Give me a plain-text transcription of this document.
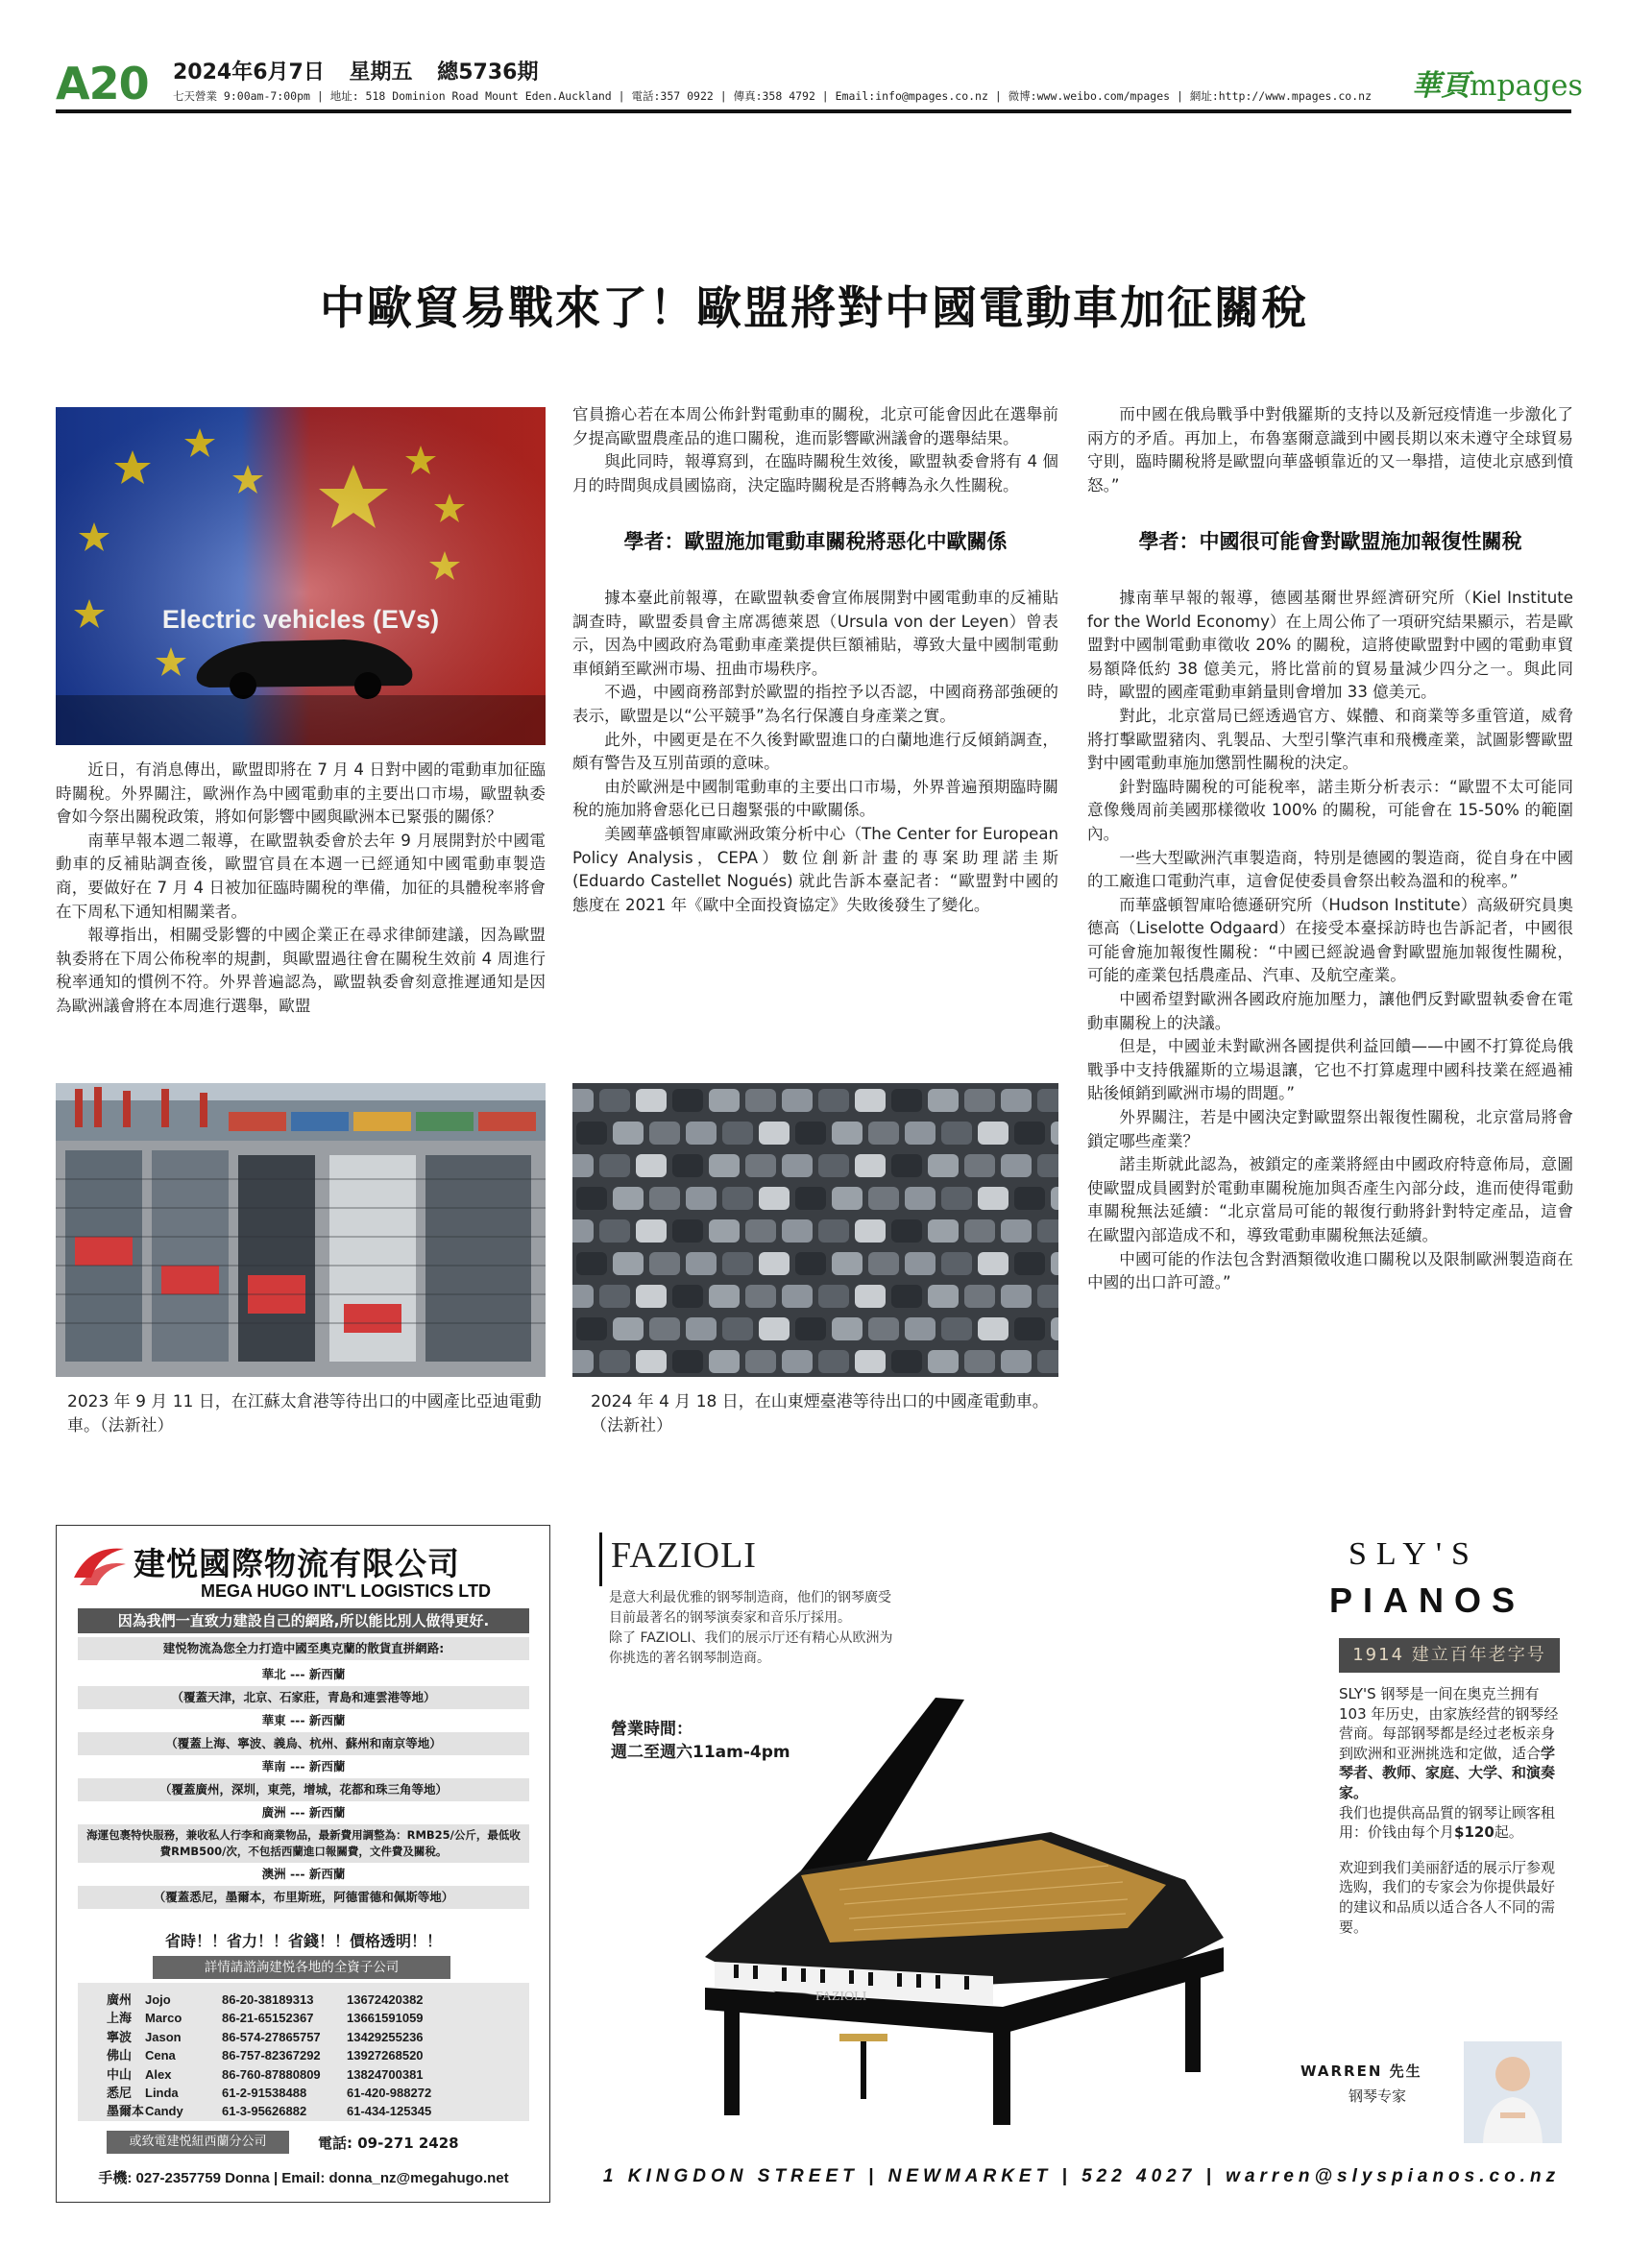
A20 2024年6月7日 星期五 總5736期
七天營業 9:00am-7:00pm | 地址: 518 Dominion Road Mount Eden.Auckland | 電話:357 0922 | 傳真:358 4792 | Email:info@mpages.co.nz | 微博:www.weibo.com/mpages | 網址:http://www.mpages.co.nz 華頁mpages
中歐貿易戰來了！歐盟將對中國電動車加征關稅
Electric vehicles (EVs)

近日，有消息傳出，歐盟即將在 7 月 4 日對中國的電動車加征臨時關稅。外界關注，歐洲作為中國電動車的主要出口市場，歐盟執委會如今祭出關稅政策，將如何影響中國與歐洲本已緊張的關係？

南華早報本週二報導，在歐盟執委會於去年 9 月展開對於中國電動車的反補貼調查後，歐盟官員在本週一已經通知中國電動車製造商，要做好在 7 月 4 日被加征臨時關稅的準備，加征的具體稅率將會在下周私下通知相關業者。

報導指出，相關受影響的中國企業正在尋求律師建議，因為歐盟執委將在下周公佈稅率的規劃，與歐盟過往會在關稅生效前 4 周進行稅率通知的慣例不符。外界普遍認為，歐盟執委會刻意推遲通知是因為歐洲議會將在本周進行選舉，歐盟

2023 年 9 月 11 日，在江蘇太倉港等待出口的中國產比亞迪電動車。（法新社）

官員擔心若在本周公佈針對電動車的關稅，北京可能會因此在選舉前夕提高歐盟農產品的進口關稅，進而影響歐洲議會的選舉結果。

與此同時，報導寫到，在臨時關稅生效後，歐盟執委會將有 4 個月的時間與成員國協商，決定臨時關稅是否將轉為永久性關稅。

學者：歐盟施加電動車關稅將惡化中歐關係

據本臺此前報導，在歐盟執委會宣佈展開對中國電動車的反補貼調查時，歐盟委員會主席馮德萊恩（Ursula von der Leyen）曾表示，因為中國政府為電動車產業提供巨額補貼，導致大量中國制電動車傾銷至歐洲市場、扭曲市場秩序。

不過，中國商務部對於歐盟的指控予以否認，中國商務部強硬的表示，歐盟是以“公平競爭”為名行保護自身產業之實。

此外，中國更是在不久後對歐盟進口的白蘭地進行反傾銷調查，頗有警告及互別苗頭的意味。

由於歐洲是中國制電動車的主要出口市場，外界普遍預期臨時關稅的施加將會惡化已日趨緊張的中歐關係。

美國華盛頓智庫歐洲政策分析中心（The Center for European Policy Analysis，CEPA）數位創新計畫的專案助理諾圭斯 (Eduardo Castellet Nogués) 就此告訴本臺記者：“歐盟對中國的態度在 2021 年《歐中全面投資協定》失敗後發生了變化。

2024 年 4 月 18 日，在山東煙臺港等待出口的中國產電動車。（法新社）

而中國在俄烏戰爭中對俄羅斯的支持以及新冠疫情進一步激化了兩方的矛盾。再加上，布魯塞爾意識到中國長期以來未遵守全球貿易守則，臨時關稅將是歐盟向華盛頓靠近的又一舉措，這使北京感到憤怒。”

學者：中國很可能會對歐盟施加報復性關稅

據南華早報的報導，德國基爾世界經濟研究所（Kiel Institute for the World Economy）在上周公佈了一項研究結果顯示，若是歐盟對中國制電動車徵收 20% 的關稅，這將使歐盟對中國的電動車貿易額降低約 38 億美元，將比當前的貿易量減少四分之一。與此同時，歐盟的國產電動車銷量則會增加 33 億美元。

對此，北京當局已經透過官方、媒體、和商業等多重管道，威脅將打擊歐盟豬肉、乳製品、大型引擎汽車和飛機產業，試圖影響歐盟對中國電動車施加懲罰性關稅的決定。

針對臨時關稅的可能稅率，諾圭斯分析表示：“歐盟不太可能同意像幾周前美國那樣徵收 100% 的關稅，可能會在 15-50% 的範圍內。

一些大型歐洲汽車製造商，特別是德國的製造商，從自身在中國的工廠進口電動汽車，這會促使委員會祭出較為溫和的稅率。”

而華盛頓智庫哈德遜研究所（Hudson Institute）高級研究員奧德高（Liselotte Odgaard）在接受本臺採訪時也告訴記者，中國很可能會施加報復性關稅：“中國已經說過會對歐盟施加報復性關稅，可能的產業包括農產品、汽車、及航空產業。

中國希望對歐洲各國政府施加壓力，讓他們反對歐盟執委會在電動車關稅上的決議。

但是，中國並未對歐洲各國提供利益回饋——中國不打算從烏俄戰爭中支持俄羅斯的立場退讓，它也不打算處理中國科技業在經過補貼後傾銷到歐洲市場的問題。”

外界關注，若是中國決定對歐盟祭出報復性關稅，北京當局將會鎖定哪些產業？

諾圭斯就此認為，被鎖定的產業將經由中國政府特意佈局，意圖使歐盟成員國對於電動車關稅施加與否產生內部分歧，進而使得電動車關稅無法延續：“北京當局可能的報復行動將針對特定產品，這會在歐盟內部造成不和，導致電動車關稅無法延續。

中國可能的作法包含對酒類徵收進口關稅以及限制歐洲製造商在中國的出口許可證。”

建悦國際物流有限公司
MEGA HUGO INT'L LOGISTICS LTD
因為我們一直致力建設自己的網路,所以能比別人做得更好.
建悦物流為您全力打造中國至奧克蘭的散貨直拼網路:
華北 --- 新西蘭
（覆蓋天津，北京、石家莊，青島和連雲港等地）
華東 --- 新西蘭
（覆蓋上海、寧波、義烏、杭州、蘇州和南京等地）
華南 --- 新西蘭
（覆蓋廣州，深圳，東莞，增城，花都和珠三角等地）
廣洲 --- 新西蘭
海運包裹特快服務，兼收私人行李和商業物品，最新費用調整為：RMB25/公斤，最低收費RMB500/次，不包括西蘭進口報關費，文件費及關稅。
澳洲 --- 新西蘭
（覆蓋悉尼，墨爾本，布里斯班，阿德雷德和佩斯等地）
省時！！省力！！省錢！！價格透明！！
詳情請諮詢建悦各地的全資子公司
廣州 Jojo	86-20-38189313	13672420382
上海 Marco	86-21-65152367	13661591059
寧波 Jason	86-574-27865757 13429255236
佛山 Cena	86-757-82367292 13927268520
中山 Alex	86-760-87880809 13824700381
悉尼 Linda	61-2-91538488	61-420-988272
墨爾本Candy	61-3-95626882	61-434-125345
或致電建悦紐西蘭分公司	電話: 09-271 2428
手機: 027-2357759 Donna | Email: donna_nz@megahugo.net
FAZIOLI
是意大利最优雅的钢琴制造商，他们的钢琴廣受目前最著名的钢琴演奏家和音乐厅採用。
除了 FAZIOLI、我们的展示厅还有精心从欧洲为你挑选的著名钢琴制造商。
營業時間：
週二至週六11am-4pm
FAZIOLI
SLY'S
PIANOS
1914 建立百年老字号
SLY'S 钢琴是一间在奥克兰拥有 103 年历史，由家族经营的钢琴经营商。每部钢琴都是经过老板亲身到欧洲和亚洲挑选和定做，适合学琴者、教师、家庭、大学、和演奏家。
我们也提供高品質的钢琴让顾客租用：价钱由每个月$120起。
欢迎到我们美丽舒适的展示厅参观选购，我们的专家会为你提供最好的建议和品质以适合各人不同的需要。
WARREN 先生
钢琴专家
1 KINGDON STREET | NEWMARKET | 522 4027 | warren@slyspianos.co.nz
